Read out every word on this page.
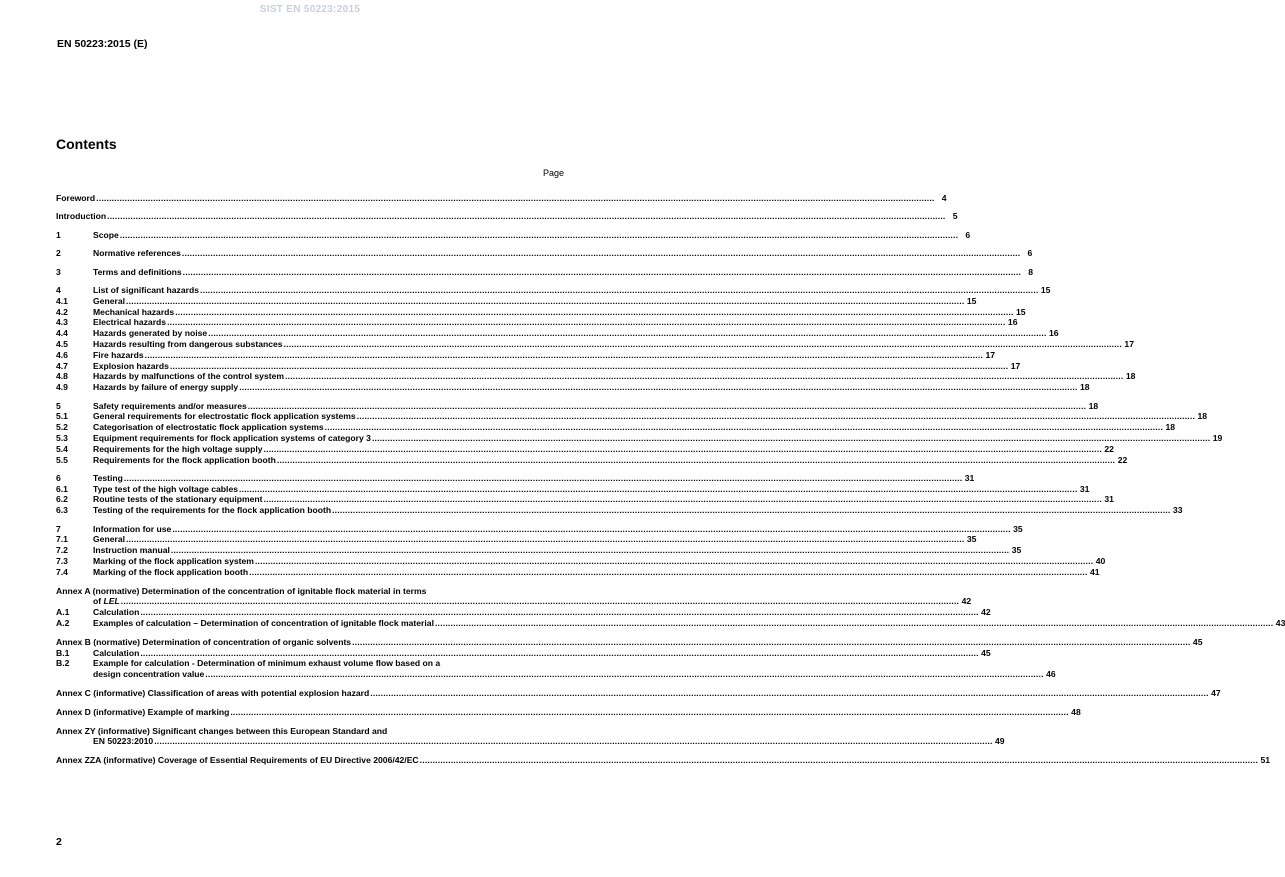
SIST EN 50223:2015
EN 50223:2015 (E)
Contents
Page
Foreword .....	4
Introduction .....	5
1	Scope .....	6
2	Normative references .....	6
3	Terms and definitions .....	8
4	List of significant hazards .....	15
4.1	General .....	15
4.2	Mechanical hazards .....	15
4.3	Electrical hazards .....	16
4.4	Hazards generated by noise .....	16
4.5	Hazards resulting from dangerous substances .....	17
4.6	Fire hazards .....	17
4.7	Explosion hazards .....	17
4.8	Hazards by malfunctions of the control system .....	18
4.9	Hazards by failure of energy supply .....	18
5	Safety requirements and/or measures .....	18
5.1	General requirements for electrostatic flock application systems .....	18
5.2	Categorisation of electrostatic flock application systems .....	18
5.3	Equipment requirements for flock application systems of category 3 .....	19
5.4	Requirements for the high voltage supply .....	22
5.5	Requirements for the flock application booth .....	22
6	Testing .....	31
6.1	Type test of the high voltage cables .....	31
6.2	Routine tests of the stationary equipment .....	31
6.3	Testing of the requirements for the flock application booth .....	33
7	Information for use .....	35
7.1	General .....	35
7.2	Instruction manual .....	35
7.3	Marking of the flock application system .....	40
7.4	Marking of the flock application booth .....	41
Annex A (normative) Determination of the concentration of ignitable flock material in terms
of LEL .....	42
A.1	Calculation .....	42
A.2	Examples of calculation – Determination of concentration of ignitable flock material .....	43
Annex B (normative) Determination of concentration of organic solvents .....	45
B.1	Calculation .....	45
B.2	Example for calculation - Determination of minimum exhaust volume flow based on a
design concentration value .....	46
Annex C (informative) Classification of areas with potential explosion hazard .....	47
Annex D (informative) Example of marking .....	48
Annex ZY (informative) Significant changes between this European Standard and
EN 50223:2010 .....	49
Annex ZZA (informative) Coverage of Essential Requirements of EU Directive 2006/42/EC .....	51
2
